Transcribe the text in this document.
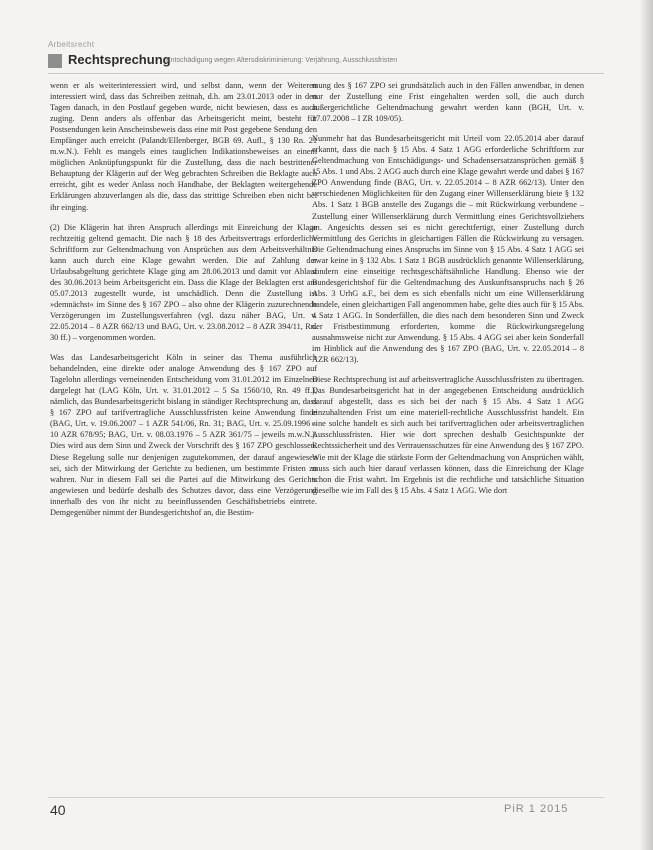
Arbeitsrecht
Rechtsprechung
Entschädigung wegen Altersdiskriminierung: Verjährung, Ausschlussfristen

wenn er als weiterinteressiert wird, und selbst dann, wenn der Weiteren interessiert wird, dass das Schreiben zeitnah, d.h. am 23.01.2013 oder in den Tagen danach, in den Postlauf gegeben wurde, nicht bewiesen, dass es auch zuging. Denn anders als offenbar das Arbeitsgericht meint, besteht für Postsendungen kein Anscheinsbeweis dass eine mit Post gegebene Sendung den Empfänger auch erreicht (Palandt/Ellenberger, BGB 69. Aufl., § 130 Rn. 21 m.w.N.). Fehlt es mangels eines tauglichen Indikationsbeweises an einem möglichen Anknüpfungspunkt für die Zustellung, dass die nach bestrittener Behauptung der Klägerin auf der Weg gebrachten Schreiben die Beklagte auch erreicht, gibt es weder Anlass noch Handhabe, der Beklagten weitergehende Erklärungen abzuverlangen als die, dass das strittige Schreiben eben nicht bei ihr einging.

(2) Die Klägerin hat ihren Anspruch allerdings mit Einreichung der Klage rechtzeitig geltend gemacht. Die nach § 18 des Arbeitsvertrags erforderliche Schriftform zur Geltendmachung von Ansprüchen aus dem Arbeitsverhältnis kann auch durch eine Klage gewahrt werden. Die auf Zahlung der Urlaubsabgeltung gerichtete Klage ging am 28.06.2013 und damit vor Ablauf des 30.06.2013 beim Arbeitsgericht ein. Dass die Klage der Beklagten erst am 05.07.2013 zugestellt wurde, ist unschädlich. Denn die Zustellung ist »demnächst« im Sinne des § 167 ZPO – also ohne der Klägerin zuzurechnende Verzögerungen im Zustellungsverfahren (vgl. dazu näher BAG, Urt. v. 22.05.2014 – 8 AZR 662/13 und BAG, Urt. v. 23.08.2012 – 8 AZR 394/11, Rn. 30 ff.) – vorgenommen worden.

Was das Landesarbeitsgericht Köln in seiner das Thema ausführlich behandelnden, eine direkte oder analoge Anwendung des § 167 ZPO auf Tagelohn allerdings verneinenden Entscheidung vom 31.01.2012 im Einzelnen dargelegt hat (LAG Köln, Urt. v. 31.01.2012 – 5 Sa 1560/10, Rn. 49 ff.), nämlich, das Bundesarbeitsgericht bislang in ständiger Rechtsprechung an, dass § 167 ZPO auf tarifvertragliche Ausschlussfristen keine Anwendung finde (BAG, Urt. v. 19.06.2007 – 1 AZR 541/06, Rn. 31; BAG, Urt. v. 25.09.1996 – 10 AZR 678/95; BAG, Urt. v. 08.03.1976 – 5 AZR 361/75 – jeweils m.w.N.). Dies wird aus dem Sinn und Zweck der Vorschrift des § 167 ZPO geschlossen. Diese Regelung solle nur denjenigen zugutekommen, der darauf angewiesen sei, sich der Mitwirkung der Gerichte zu bedienen, um bestimmte Fristen zu wahren. Nur in diesem Fall sei die Partei auf die Mitwirkung des Gerichts angewiesen und bedürfe deshalb des Schutzes davor, dass eine Verzögerung innerhalb des von ihr nicht zu beeinflussenden Geschäftsbetriebs eintrete. Demgegenüber nimmt der Bundesgerichtshof an, die Bestim-

mung des § 167 ZPO sei grundsätzlich auch in den Fällen anwendbar, in denen nur der Zustellung eine Frist eingehalten werden soll, die auch durch außergerichtliche Geltendmachung gewahrt werden kann (BGH, Urt. v. 17.07.2008 – I ZR 109/05).

Nunmehr hat das Bundesarbeitsgericht mit Urteil vom 22.05.2014 aber darauf erkannt, dass die nach § 15 Abs. 4 Satz 1 AGG erforderliche Schriftform zur Geltendmachung von Entschädigungs- und Schadensersatzansprüchen gemäß § 15 Abs. 1 und Abs. 2 AGG auch durch eine Klage gewahrt werde und dabei § 167 ZPO Anwendung finde (BAG, Urt. v. 22.05.2014 – 8 AZR 662/13). Unter den verschiedenen Möglichkeiten für den Zugang einer Willenserklärung biete § 132 Abs. 1 Satz 1 BGB anstelle des Zugangs die – mit Rückwirkung verbundene – Zustellung einer Willenserklärung durch Vermittlung eines Gerichtsvollziehers an. Angesichts dessen sei es nicht gerechtfertigt, einer Zustellung durch Vermittlung des Gerichts in gleichartigen Fällen die Rückwirkung zu versagen. Die Geltendmachung eines Anspruchs im Sinne von § 15 Abs. 4 Satz 1 AGG sei zwar keine in § 132 Abs. 1 Satz 1 BGB ausdrücklich genannte Willenserklärung, sondern eine einseitige rechtsgeschäftsähnliche Handlung. Ebenso wie der Bundesgerichtshof für die Geltendmachung des Auskunftsanspruchs nach § 26 Abs. 3 UrhG a.F., bei dem es sich ebenfalls nicht um eine Willenserklärung handele, einen gleichartigen Fall angenommen habe, gelte dies auch für § 15 Abs. 4 Satz 1 AGG. In Sonderfällen, die dies nach dem besonderen Sinn und Zweck der Fristbestimmung erforderten, komme die Rückwirkungsregelung ausnahmsweise nicht zur Anwendung. § 15 Abs. 4 AGG sei aber kein Sonderfall im Hinblick auf die Anwendung des § 167 ZPO (BAG, Urt. v. 22.05.2014 – 8 AZR 662/13).

Diese Rechtsprechung ist auf arbeitsvertragliche Ausschlussfristen zu übertragen. Das Bundesarbeitsgericht hat in der angegebenen Entscheidung ausdrücklich darauf abgestellt, dass es sich bei der nach § 15 Abs. 4 Satz 1 AGG einzuhaltenden Frist um eine materiell-rechtliche Ausschlussfrist handelt. Ein eine solche handelt es sich auch bei tarifvertraglichen oder arbeitsvertraglichen Ausschlussfristen. Hier wie dort sprechen deshalb Gesichtspunkte der Rechtssicherheit und des Vertrauensschutzes für eine Anwendung des § 167 ZPO. Wie mit der Klage die stärkste Form der Geltendmachung von Ansprüchen wählt, muss sich auch hier darauf verlassen können, dass die Einreichung der Klage schon die Frist wahrt. Im Ergebnis ist die rechtliche und tatsächliche Situation dieselbe wie im Fall des § 15 Abs. 4 Satz 1 AGG. Wie dort

40	PiR 1 2015
